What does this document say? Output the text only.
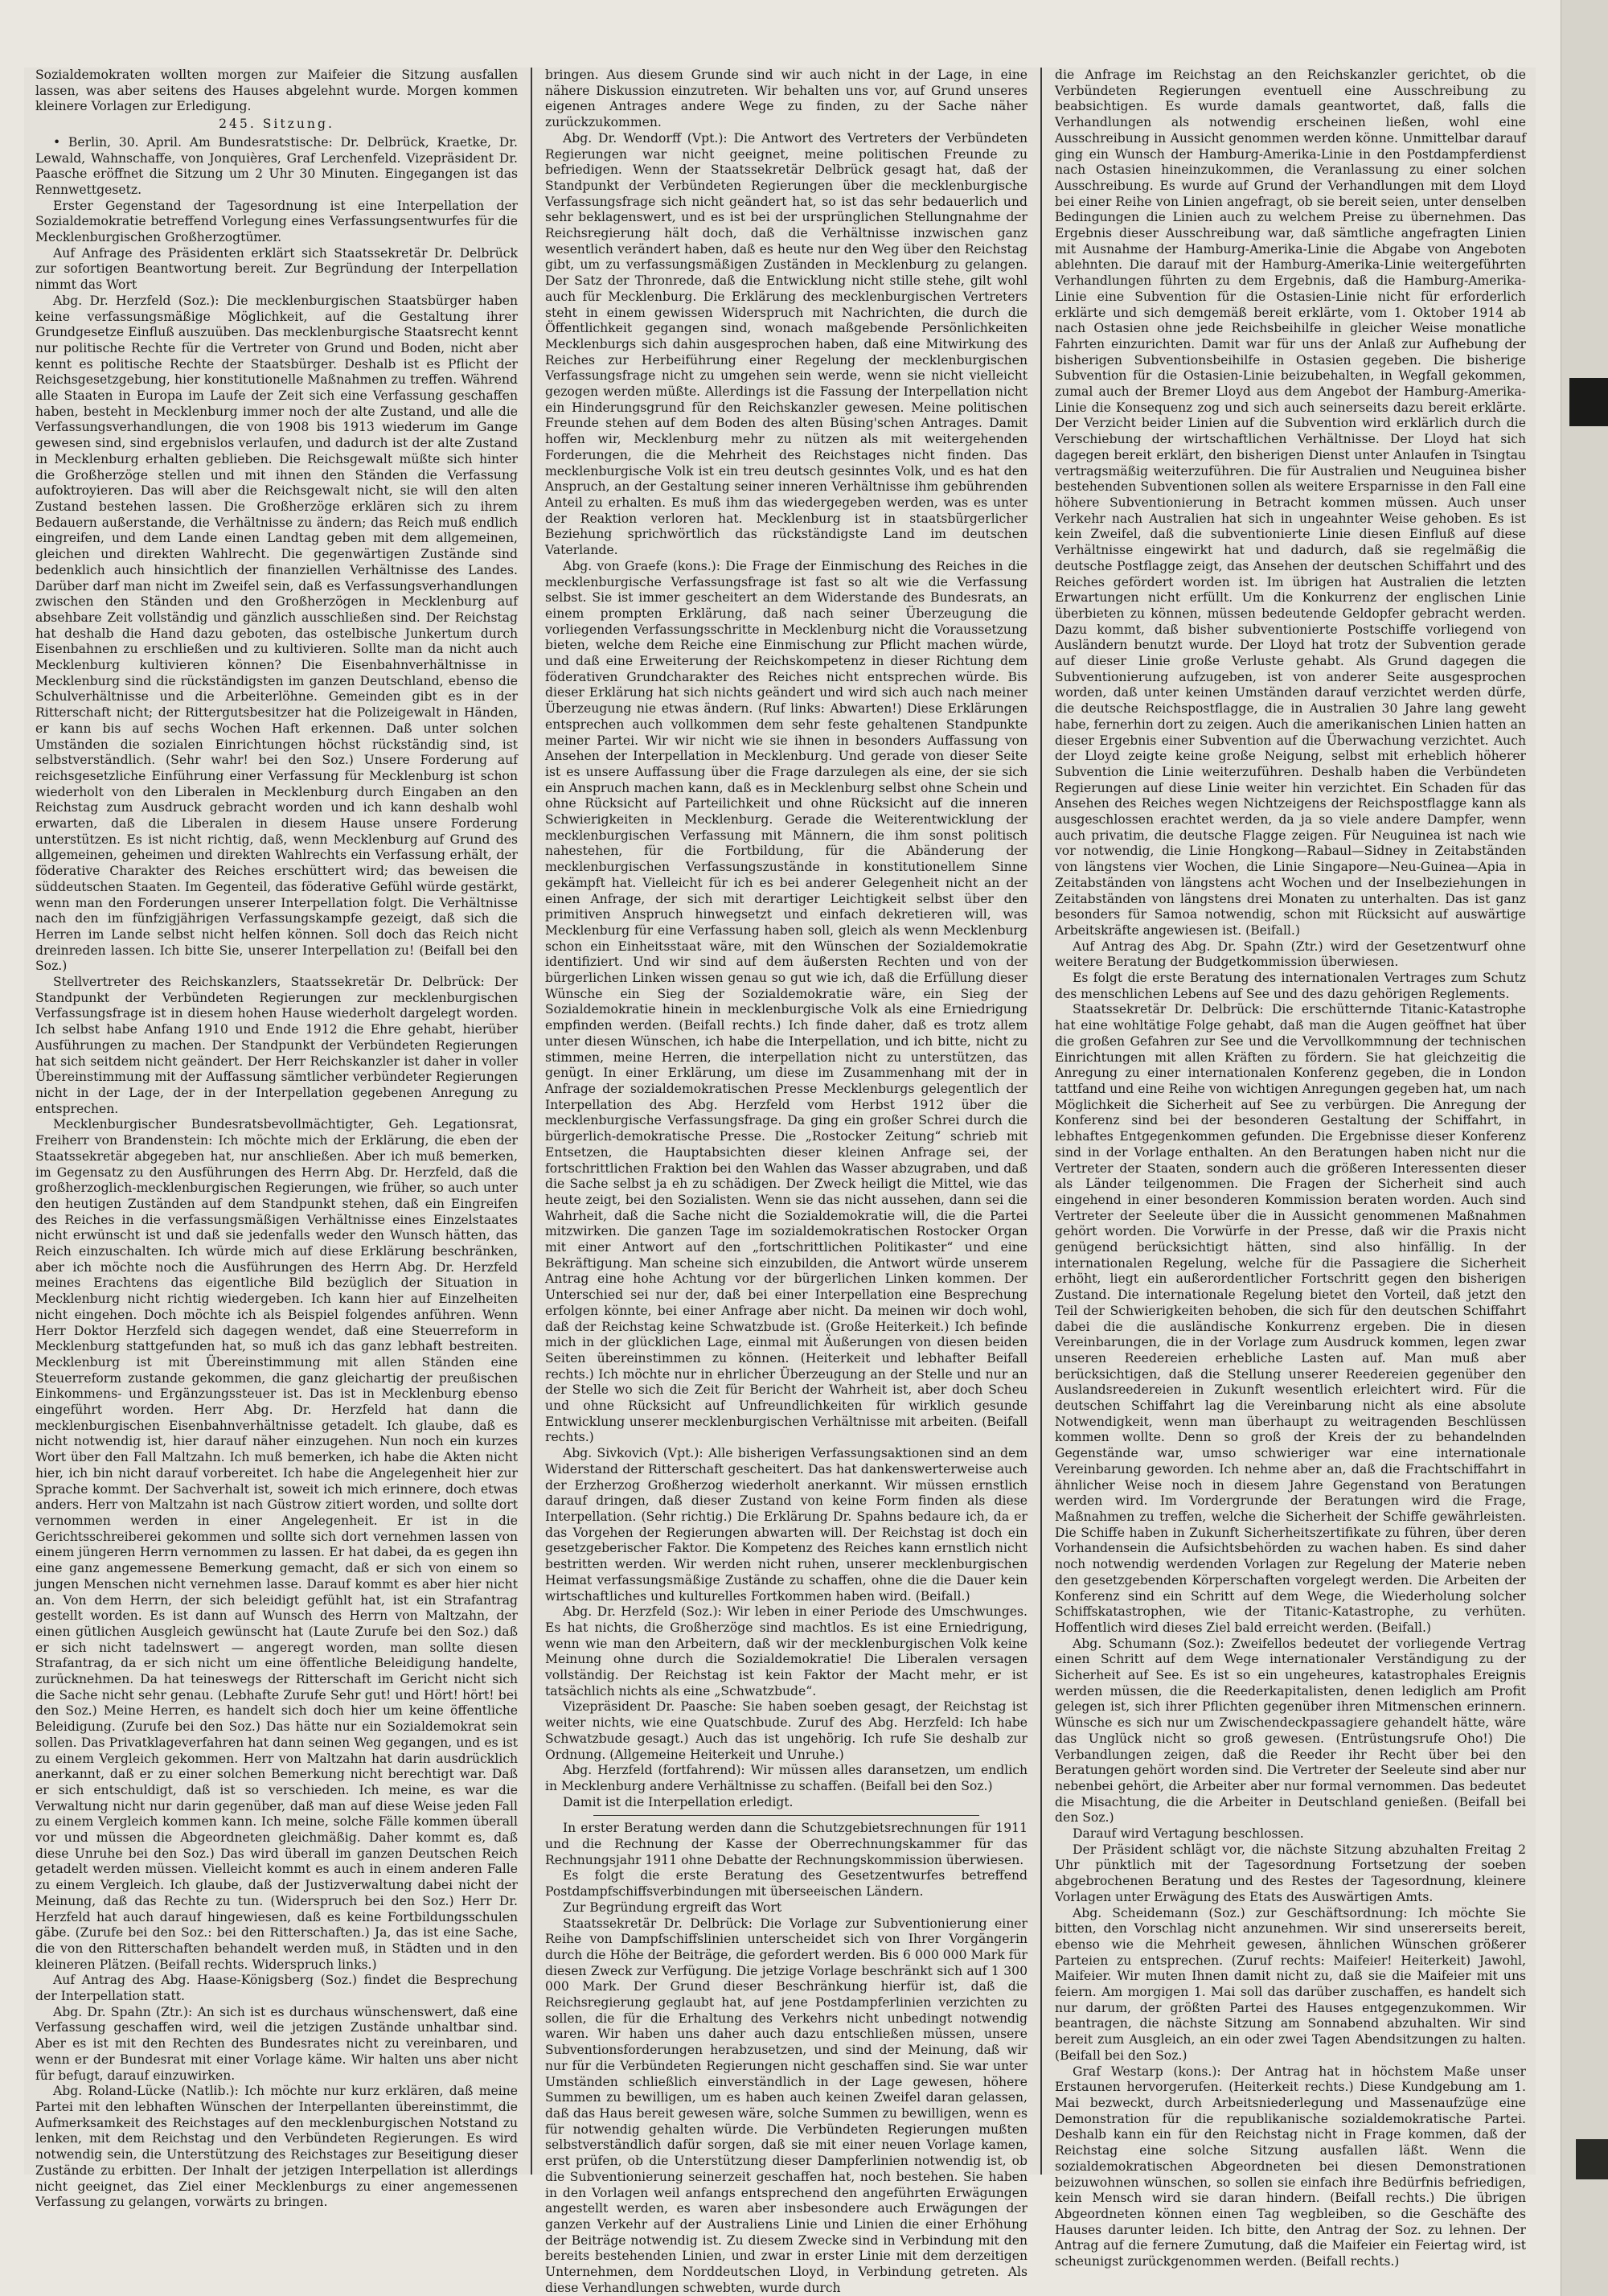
Sozialdemokraten wollten morgen zur Maifeier die Sitzung ausfallen lassen, was aber seitens des Hauses abgelehnt wurde. Morgen kommen kleinere Vorlagen zur Erledigung.

245. Sitzung.

• Berlin, 30. April. Am Bundesratstische: Dr. Delbrück, Kraetke, Dr. Lewald, Wahnschaffe, von Jonquières, Graf Lerchenfeld. Vizepräsident Dr. Paasche eröffnet die Sitzung um 2 Uhr 30 Minuten. Eingegangen ist das Rennwettgesetz.

Erster Gegenstand der Tagesordnung ist eine Interpellation der Sozialdemokratie betreffend Vorlegung eines Verfassungsentwurfes für die Mecklenburgischen Großherzogtümer.

Auf Anfrage des Präsidenten erklärt sich Staatssekretär Dr. Delbrück zur sofortigen Beantwortung bereit. Zur Begründung der Interpellation nimmt das Wort

Abg. Dr. Herzfeld (Soz.): Die mecklenburgischen Staatsbürger haben keine verfassungsmäßige Möglichkeit, auf die Gestaltung ihrer Grundgesetze Einfluß auszuüben. Das mecklenburgische Staatsrecht kennt nur politische Rechte für die Vertreter von Grund und Boden, nicht aber kennt es politische Rechte der Staatsbürger. Deshalb ist es Pflicht der Reichsgesetzgebung, hier konstitutionelle Maßnahmen zu treffen. Während alle Staaten in Europa im Laufe der Zeit sich eine Verfassung geschaffen haben, besteht in Mecklenburg immer noch der alte Zustand, und alle die Verfassungsverhandlungen, die von 1908 bis 1913 wiederum im Gange gewesen sind, sind ergebnislos verlaufen, und dadurch ist der alte Zustand in Mecklenburg erhalten geblieben. Die Reichsgewalt müßte sich hinter die Großherzöge stellen und mit ihnen den Ständen die Verfassung aufoktroyieren. Das will aber die Reichsgewalt nicht, sie will den alten Zustand bestehen lassen. Die Großherzöge erklären sich zu ihrem Bedauern außerstande, die Verhältnisse zu ändern; das Reich muß endlich eingreifen, und dem Lande einen Landtag geben mit dem allgemeinen, gleichen und direkten Wahlrecht. Die gegenwärtigen Zustände sind bedenklich auch hinsichtlich der finanziellen Verhältnisse des Landes. Darüber darf man nicht im Zweifel sein, daß es Verfassungsverhandlungen zwischen den Ständen und den Großherzögen in Mecklenburg auf absehbare Zeit vollständig und gänzlich ausschließen sind. Der Reichstag hat deshalb die Hand dazu geboten, das ostelbische Junkertum durch Eisenbahnen zu erschließen und zu kultivieren. Sollte man da nicht auch Mecklenburg kultivieren können? Die Eisenbahnverhältnisse in Mecklenburg sind die rückständigsten im ganzen Deutschland, ebenso die Schulverhältnisse und die Arbeiterlöhne. Gemeinden gibt es in der Ritterschaft nicht; der Rittergutsbesitzer hat die Polizeigewalt in Händen, er kann bis auf sechs Wochen Haft erkennen. Daß unter solchen Umständen die sozialen Einrichtungen höchst rückständig sind, ist selbstverständlich. (Sehr wahr! bei den Soz.) Unsere Forderung auf reichsgesetzliche Einführung einer Verfassung für Mecklenburg ist schon wiederholt von den Liberalen in Mecklenburg durch Eingaben an den Reichstag zum Ausdruck gebracht worden und ich kann deshalb wohl erwarten, daß die Liberalen in diesem Hause unsere Forderung unterstützen. Es ist nicht richtig, daß, wenn Mecklenburg auf Grund des allgemeinen, geheimen und direkten Wahlrechts ein Verfassung erhält, der föderative Charakter des Reiches erschüttert wird; das beweisen die süddeutschen Staaten. Im Gegenteil, das föderative Gefühl würde gestärkt, wenn man den Forderungen unserer Interpellation folgt. Die Verhältnisse nach den im fünfzigjährigen Verfassungskampfe gezeigt, daß sich die Herren im Lande selbst nicht helfen können. Soll doch das Reich nicht dreinreden lassen. Ich bitte Sie, unserer Interpellation zu! (Beifall bei den Soz.)

Stellvertreter des Reichskanzlers, Staatssekretär Dr. Delbrück: Der Standpunkt der Verbündeten Regierungen zur mecklenburgischen Verfassungsfrage ist in diesem hohen Hause wiederholt dargelegt worden. Ich selbst habe Anfang 1910 und Ende 1912 die Ehre gehabt, hierüber Ausführungen zu machen. Der Standpunkt der Verbündeten Regierungen hat sich seitdem nicht geändert. Der Herr Reichskanzler ist daher in voller Übereinstimmung mit der Auffassung sämtlicher verbündeter Regierungen nicht in der Lage, der in der Interpellation gegebenen Anregung zu entsprechen.

Mecklenburgischer Bundesratsbevollmächtigter, Geh. Legationsrat, Freiherr von Brandenstein: Ich möchte mich der Erklärung, die eben der Staatssekretär abgegeben hat, nur anschließen. Aber ich muß bemerken, im Gegensatz zu den Ausführungen des Herrn Abg. Dr. Herzfeld, daß die großherzoglich-mecklenburgischen Regierungen, wie früher, so auch unter den heutigen Zuständen auf dem Standpunkt stehen, daß ein Eingreifen des Reiches in die verfassungsmäßigen Verhältnisse eines Einzelstaates nicht erwünscht ist und daß sie jedenfalls weder den Wunsch hätten, das Reich einzuschalten. Ich würde mich auf diese Erklärung beschränken, aber ich möchte noch die Ausführungen des Herrn Abg. Dr. Herzfeld meines Erachtens das eigentliche Bild bezüglich der Situation in Mecklenburg nicht richtig wiedergeben. Ich kann hier auf Einzelheiten nicht eingehen. Doch möchte ich als Beispiel folgendes anführen. Wenn Herr Doktor Herzfeld sich dagegen wendet, daß eine Steuerreform in Mecklenburg stattgefunden hat, so muß ich das ganz lebhaft bestreiten. Mecklenburg ist mit Übereinstimmung mit allen Ständen eine Steuerreform zustande gekommen, die ganz gleichartig der preußischen Einkommens- und Ergänzungssteuer ist. Das ist in Mecklenburg ebenso eingeführt worden. Herr Abg. Dr. Herzfeld hat dann die mecklenburgischen Eisenbahnverhältnisse getadelt. Ich glaube, daß es nicht notwendig ist, hier darauf näher einzugehen. Nun noch ein kurzes Wort über den Fall Maltzahn. Ich muß bemerken, ich habe die Akten nicht hier, ich bin nicht darauf vorbereitet. Ich habe die Angelegenheit hier zur Sprache kommt. Der Sachverhalt ist, soweit ich mich erinnere, doch etwas anders. Herr von Maltzahn ist nach Güstrow zitiert worden, und sollte dort vernommen werden in einer Angelegenheit. Er ist in die Gerichtsschreiberei gekommen und sollte sich dort vernehmen lassen von einem jüngeren Herrn vernommen zu lassen. Er hat dabei, da es gegen ihn eine ganz angemessene Bemerkung gemacht, daß er sich von einem so jungen Menschen nicht vernehmen lasse. Darauf kommt es aber hier nicht an. Von dem Herrn, der sich beleidigt gefühlt hat, ist ein Strafantrag gestellt worden. Es ist dann auf Wunsch des Herrn von Maltzahn, der einen gütlichen Ausgleich gewünscht hat (Laute Zurufe bei den Soz.) daß er sich nicht tadelnswert — angeregt worden, man sollte diesen Strafantrag, da er sich nicht um eine öffentliche Beleidigung handelte, zurücknehmen. Da hat teineswegs der Ritterschaft im Gericht nicht sich die Sache nicht sehr genau. (Lebhafte Zurufe Sehr gut! und Hört! hört! bei den Soz.) Meine Herren, es handelt sich doch hier um keine öffentliche Beleidigung. (Zurufe bei den Soz.) Das hätte nur ein Sozialdemokrat sein sollen. Das Privatklageverfahren hat dann seinen Weg gegangen, und es ist zu einem Vergleich gekommen. Herr von Maltzahn hat darin ausdrücklich anerkannt, daß er zu einer solchen Bemerkung nicht berechtigt war. Daß er sich entschuldigt, daß ist so verschieden. Ich meine, es war die Verwaltung nicht nur darin gegenüber, daß man auf diese Weise jeden Fall zu einem Vergleich kommen kann. Ich meine, solche Fälle kommen überall vor und müssen die Abgeordneten gleichmäßig. Daher kommt es, daß diese Unruhe bei den Soz.) Das wird überall im ganzen Deutschen Reich getadelt werden müssen. Vielleicht kommt es auch in einem anderen Falle zu einem Vergleich. Ich glaube, daß der Justizverwaltung dabei nicht der Meinung, daß das Rechte zu tun. (Widerspruch bei den Soz.) Herr Dr. Herzfeld hat auch darauf hingewiesen, daß es keine Fortbildungsschulen gäbe. (Zurufe bei den Soz.: bei den Ritterschaften.) Ja, das ist eine Sache, die von den Ritterschaften behandelt werden muß, in Städten und in den kleineren Plätzen. (Beifall rechts. Widerspruch links.)

Auf Antrag des Abg. Haase-Königsberg (Soz.) findet die Besprechung der Interpellation statt.

Abg. Dr. Spahn (Ztr.): An sich ist es durchaus wünschenswert, daß eine Verfassung geschaffen wird, weil die jetzigen Zustände unhaltbar sind. Aber es ist mit den Rechten des Bundesrates nicht zu vereinbaren, und wenn er der Bundesrat mit einer Vorlage käme. Wir halten uns aber nicht für befugt, darauf einzuwirken.

Abg. Roland-Lücke (Natlib.): Ich möchte nur kurz erklären, daß meine Partei mit den lebhaften Wünschen der Interpellanten übereinstimmt, die Aufmerksamkeit des Reichstages auf den mecklenburgischen Notstand zu lenken, mit dem Reichstag und den Verbündeten Regierungen. Es wird notwendig sein, die Unterstützung des Reichstages zur Beseitigung dieser Zustände zu erbitten. Der Inhalt der jetzigen Interpellation ist allerdings nicht geeignet, das Ziel einer Mecklenburgs zu einer angemessenen Verfassung zu gelangen, vorwärts zu bringen.

bringen. Aus diesem Grunde sind wir auch nicht in der Lage, in eine nähere Diskussion einzutreten. Wir behalten uns vor, auf Grund unseres eigenen Antrages andere Wege zu finden, zu der Sache näher zurückzukommen.

Abg. Dr. Wendorff (Vpt.): Die Antwort des Vertreters der Verbündeten Regierungen war nicht geeignet, meine politischen Freunde zu befriedigen. Wenn der Staatssekretär Delbrück gesagt hat, daß der Standpunkt der Verbündeten Regierungen über die mecklenburgische Verfassungsfrage sich nicht geändert hat, so ist das sehr bedauerlich und sehr beklagenswert, und es ist bei der ursprünglichen Stellungnahme der Reichsregierung hält doch, daß die Verhältnisse inzwischen ganz wesentlich verändert haben, daß es heute nur den Weg über den Reichstag gibt, um zu verfassungsmäßigen Zuständen in Mecklenburg zu gelangen. Der Satz der Thronrede, daß die Entwicklung nicht stille stehe, gilt wohl auch für Mecklenburg. Die Erklärung des mecklenburgischen Vertreters steht in einem gewissen Widerspruch mit Nachrichten, die durch die Öffentlichkeit gegangen sind, wonach maßgebende Persönlichkeiten Mecklenburgs sich dahin ausgesprochen haben, daß eine Mitwirkung des Reiches zur Herbeiführung einer Regelung der mecklenburgischen Verfassungsfrage nicht zu umgehen sein werde, wenn sie nicht vielleicht gezogen werden müßte. Allerdings ist die Fassung der Interpellation nicht ein Hinderungsgrund für den Reichskanzler gewesen. Meine politischen Freunde stehen auf dem Boden des alten Büsing'schen Antrages. Damit hoffen wir, Mecklenburg mehr zu nützen als mit weitergehenden Forderungen, die die Mehrheit des Reichstages nicht finden. Das mecklenburgische Volk ist ein treu deutsch gesinntes Volk, und es hat den Anspruch, an der Gestaltung seiner inneren Verhältnisse ihm gebührenden Anteil zu erhalten. Es muß ihm das wiedergegeben werden, was es unter der Reaktion verloren hat. Mecklenburg ist in staatsbürgerlicher Beziehung sprichwörtlich das rückständigste Land im deutschen Vaterlande.

Abg. von Graefe (kons.): Die Frage der Einmischung des Reiches in die mecklenburgische Verfassungsfrage ist fast so alt wie die Verfassung selbst. Sie ist immer gescheitert an dem Widerstande des Bundesrats, an einem prompten Erklärung, daß nach seiner Überzeugung die vorliegenden Verfassungsschritte in Mecklenburg nicht die Voraussetzung bieten, welche dem Reiche eine Einmischung zur Pflicht machen würde, und daß eine Erweiterung der Reichskompetenz in dieser Richtung dem föderativen Grundcharakter des Reiches nicht entsprechen würde. Bis dieser Erklärung hat sich nichts geändert und wird sich auch nach meiner Überzeugung nie etwas ändern. (Ruf links: Abwarten!) Diese Erklärungen entsprechen auch vollkommen dem sehr feste gehaltenen Standpunkte meiner Partei. Wir wir nicht wie sie ihnen in besonders Auffassung von Ansehen der Interpellation in Mecklenburg. Und gerade von dieser Seite ist es unsere Auffassung über die Frage darzulegen als eine, der sie sich ein Anspruch machen kann, daß es in Mecklenburg selbst ohne Schein und ohne Rücksicht auf Parteilichkeit und ohne Rücksicht auf die inneren Schwierigkeiten in Mecklenburg. Gerade die Weiterentwicklung der mecklenburgischen Verfassung mit Männern, die ihm sonst politisch nahestehen, für die Fortbildung, für die Abänderung der mecklenburgischen Verfassungszustände in konstitutionellem Sinne gekämpft hat. Vielleicht für ich es bei anderer Gelegenheit nicht an der einen Anfrage, der sich mit derartiger Leichtigkeit selbst über den primitiven Anspruch hinwegsetzt und einfach dekretieren will, was Mecklenburg für eine Verfassung haben soll, gleich als wenn Mecklenburg schon ein Einheitsstaat wäre, mit den Wünschen der Sozialdemokratie identifiziert. Und wir sind auf dem äußersten Rechten und von der bürgerlichen Linken wissen genau so gut wie ich, daß die Erfüllung dieser Wünsche ein Sieg der Sozialdemokratie wäre, ein Sieg der Sozialdemokratie hinein in mecklenburgische Volk als eine Erniedrigung empfinden werden. (Beifall rechts.) Ich finde daher, daß es trotz allem unter diesen Wünschen, ich habe die Interpellation, und ich bitte, nicht zu stimmen, meine Herren, die interpellation nicht zu unterstützen, das genügt. In einer Erklärung, um diese im Zusammenhang mit der in Anfrage der sozialdemokratischen Presse Mecklenburgs gelegentlich der Interpellation des Abg. Herzfeld vom Herbst 1912 über die mecklenburgische Verfassungsfrage. Da ging ein großer Schrei durch die bürgerlich-demokratische Presse. Die „Rostocker Zeitung“ schrieb mit Entsetzen, die Hauptabsichten dieser kleinen Anfrage sei, der fortschrittlichen Fraktion bei den Wahlen das Wasser abzugraben, und daß die Sache selbst ja eh zu schädigen. Der Zweck heiligt die Mittel, wie das heute zeigt, bei den Sozialisten. Wenn sie das nicht aussehen, dann sei die Wahrheit, daß die Sache nicht die Sozialdemokratie will, die die Partei mitzwirken. Die ganzen Tage im sozialdemokratischen Rostocker Organ mit einer Antwort auf den „fortschrittlichen Politikaster“ und eine Bekräftigung. Man scheine sich einzubilden, die Antwort würde unserem Antrag eine hohe Achtung vor der bürgerlichen Linken kommen. Der Unterschied sei nur der, daß bei einer Interpellation eine Besprechung erfolgen könnte, bei einer Anfrage aber nicht. Da meinen wir doch wohl, daß der Reichstag keine Schwatzbude ist. (Große Heiterkeit.) Ich befinde mich in der glücklichen Lage, einmal mit Äußerungen von diesen beiden Seiten übereinstimmen zu können. (Heiterkeit und lebhafter Beifall rechts.) Ich möchte nur in ehrlicher Überzeugung an der Stelle und nur an der Stelle wo sich die Zeit für Bericht der Wahrheit ist, aber doch Scheu und ohne Rücksicht auf Unfreundlichkeiten für wirklich gesunde Entwicklung unserer mecklenburgischen Verhältnisse mit arbeiten. (Beifall rechts.)

Abg. Sivkovich (Vpt.): Alle bisherigen Verfassungsaktionen sind an dem Widerstand der Ritterschaft gescheitert. Das hat dankenswerterweise auch der Erzherzog Großherzog wiederholt anerkannt. Wir müssen ernstlich darauf dringen, daß dieser Zustand von keine Form finden als diese Interpellation. (Sehr richtig.) Die Erklärung Dr. Spahns bedaure ich, da er das Vorgehen der Regierungen abwarten will. Der Reichstag ist doch ein gesetzgeberischer Faktor. Die Kompetenz des Reiches kann ernstlich nicht bestritten werden. Wir werden nicht ruhen, unserer mecklenburgischen Heimat verfassungsmäßige Zustände zu schaffen, ohne die die Dauer kein wirtschaftliches und kulturelles Fortkommen haben wird. (Beifall.)

Abg. Dr. Herzfeld (Soz.): Wir leben in einer Periode des Umschwunges. Es hat nichts, die Großherzöge sind machtlos. Es ist eine Erniedrigung, wenn wie man den Arbeitern, daß wir der mecklenburgischen Volk keine Meinung ohne durch die Sozialdemokratie! Die Liberalen versagen vollständig. Der Reichstag ist kein Faktor der Macht mehr, er ist tatsächlich nichts als eine „Schwatzbude“.

Vizepräsident Dr. Paasche: Sie haben soeben gesagt, der Reichstag ist weiter nichts, wie eine Quatschbude. Zuruf des Abg. Herzfeld: Ich habe Schwatzbude gesagt.) Auch das ist ungehörig. Ich rufe Sie deshalb zur Ordnung. (Allgemeine Heiterkeit und Unruhe.)

Abg. Herzfeld (fortfahrend): Wir müssen alles daransetzen, um endlich in Mecklenburg andere Verhältnisse zu schaffen. (Beifall bei den Soz.)

Damit ist die Interpellation erledigt.

In erster Beratung werden dann die Schutzgebietsrechnungen für 1911 und die Rechnung der Kasse der Oberrechnungskammer für das Rechnungsjahr 1911 ohne Debatte der Rechnungskommission überwiesen.

Es folgt die erste Beratung des Gesetzentwurfes betreffend Postdampfschiffsverbindungen mit überseeischen Ländern.

Zur Begründung ergreift das Wort

Staatssekretär Dr. Delbrück: Die Vorlage zur Subventionierung einer Reihe von Dampfschiffslinien unterscheidet sich von Ihrer Vorgängerin durch die Höhe der Beiträge, die gefordert werden. Bis 6 000 000 Mark für diesen Zweck zur Verfügung. Die jetzige Vorlage beschränkt sich auf 1 300 000 Mark. Der Grund dieser Beschränkung hierfür ist, daß die Reichsregierung geglaubt hat, auf jene Postdampferlinien verzichten zu sollen, die für die Erhaltung des Verkehrs nicht unbedingt notwendig waren. Wir haben uns daher auch dazu entschließen müssen, unsere Subventionsforderungen herabzusetzen, und sind der Meinung, daß wir nur für die Verbündeten Regierungen nicht geschaffen sind. Sie war unter Umständen schließlich einverständlich in der Lage gewesen, höhere Summen zu bewilligen, um es haben auch keinen Zweifel daran gelassen, daß das Haus bereit gewesen wäre, solche Summen zu bewilligen, wenn es für notwendig gehalten würde. Die Verbündeten Regierungen mußten selbstverständlich dafür sorgen, daß sie mit einer neuen Vorlage kamen, erst prüfen, ob die Unterstützung dieser Dampferlinien notwendig ist, ob die Subventionierung seinerzeit geschaffen hat, noch bestehen. Sie haben in den Vorlagen weil anfangs entsprechend den angeführten Erwägungen angestellt werden, es waren aber insbesondere auch Erwägungen der ganzen Verkehr auf der Australiens Linie und Linien die einer Erhöhung der Beiträge notwendig ist. Zu diesem Zwecke sind in Verbindung mit den bereits bestehenden Linien, und zwar in erster Linie mit dem derzeitigen Unternehmen, dem Norddeutschen Lloyd, in Verbindung getreten. Als diese Verhandlungen schwebten, wurde durch

die Anfrage im Reichstag an den Reichskanzler gerichtet, ob die Verbündeten Regierungen eventuell eine Ausschreibung zu beabsichtigen. Es wurde damals geantwortet, daß, falls die Verhandlungen als notwendig erscheinen ließen, wohl eine Ausschreibung in Aussicht genommen werden könne. Unmittelbar darauf ging ein Wunsch der Hamburg-Amerika-Linie in den Postdampferdienst nach Ostasien hineinzukommen, die Veranlassung zu einer solchen Ausschreibung. Es wurde auf Grund der Verhandlungen mit dem Lloyd bei einer Reihe von Linien angefragt, ob sie bereit seien, unter denselben Bedingungen die Linien auch zu welchem Preise zu übernehmen. Das Ergebnis dieser Ausschreibung war, daß sämtliche angefragten Linien mit Ausnahme der Hamburg-Amerika-Linie die Abgabe von Angeboten ablehnten. Die darauf mit der Hamburg-Amerika-Linie weitergeführten Verhandlungen führten zu dem Ergebnis, daß die Hamburg-Amerika-Linie eine Subvention für die Ostasien-Linie nicht für erforderlich erklärte und sich demgemäß bereit erklärte, vom 1. Oktober 1914 ab nach Ostasien ohne jede Reichsbeihilfe in gleicher Weise monatliche Fahrten einzurichten. Damit war für uns der Anlaß zur Aufhebung der bisherigen Subventionsbeihilfe in Ostasien gegeben. Die bisherige Subvention für die Ostasien-Linie beizubehalten, in Wegfall gekommen, zumal auch der Bremer Lloyd aus dem Angebot der Hamburg-Amerika-Linie die Konsequenz zog und sich auch seinerseits dazu bereit erklärte. Der Verzicht beider Linien auf die Subvention wird erklärlich durch die Verschiebung der wirtschaftlichen Verhältnisse. Der Lloyd hat sich dagegen bereit erklärt, den bisherigen Dienst unter Anlaufen in Tsingtau vertragsmäßig weiterzuführen. Die für Australien und Neuguinea bisher bestehenden Subventionen sollen als weitere Ersparnisse in den Fall eine höhere Subventionierung in Betracht kommen müssen. Auch unser Verkehr nach Australien hat sich in ungeahnter Weise gehoben. Es ist kein Zweifel, daß die subventionierte Linie diesen Einfluß auf diese Verhältnisse eingewirkt hat und dadurch, daß sie regelmäßig die deutsche Postflagge zeigt, das Ansehen der deutschen Schiffahrt und des Reiches gefördert worden ist. Im übrigen hat Australien die letzten Erwartungen nicht erfüllt. Um die Konkurrenz der englischen Linie überbieten zu können, müssen bedeutende Geldopfer gebracht werden. Dazu kommt, daß bisher subventionierte Postschiffe vorliegend von Ausländern benutzt wurde. Der Lloyd hat trotz der Subvention gerade auf dieser Linie große Verluste gehabt. Als Grund dagegen die Subventionierung aufzugeben, ist von anderer Seite ausgesprochen worden, daß unter keinen Umständen darauf verzichtet werden dürfe, die deutsche Reichspostflagge, die in Australien 30 Jahre lang geweht habe, fernerhin dort zu zeigen. Auch die amerikanischen Linien hatten an dieser Ergebnis einer Subvention auf die Überwachung verzichtet. Auch der Lloyd zeigte keine große Neigung, selbst mit erheblich höherer Subvention die Linie weiterzuführen. Deshalb haben die Verbündeten Regierungen auf diese Linie weiter hin verzichtet. Ein Schaden für das Ansehen des Reiches wegen Nichtzeigens der Reichspostflagge kann als ausgeschlossen erachtet werden, da ja so viele andere Dampfer, wenn auch privatim, die deutsche Flagge zeigen. Für Neuguinea ist nach wie vor notwendig, die Linie Hongkong—Rabaul—Sidney in Zeitabständen von längstens vier Wochen, die Linie Singapore—Neu-Guinea—Apia in Zeitabständen von längstens acht Wochen und der Inselbeziehungen in Zeitabständen von längstens drei Monaten zu unterhalten. Das ist ganz besonders für Samoa notwendig, schon mit Rücksicht auf auswärtige Arbeitskräfte angewiesen ist. (Beifall.)

Auf Antrag des Abg. Dr. Spahn (Ztr.) wird der Gesetzentwurf ohne weitere Beratung der Budgetkommission überwiesen.

Es folgt die erste Beratung des internationalen Vertrages zum Schutz des menschlichen Lebens auf See und des dazu gehörigen Reglements.

Staatssekretär Dr. Delbrück: Die erschütternde Titanic-Katastrophe hat eine wohltätige Folge gehabt, daß man die Augen geöffnet hat über die großen Gefahren zur See und die Vervollkommnung der technischen Einrichtungen mit allen Kräften zu fördern. Sie hat gleichzeitig die Anregung zu einer internationalen Konferenz gegeben, die in London tattfand und eine Reihe von wichtigen Anregungen gegeben hat, um nach Möglichkeit die Sicherheit auf See zu verbürgen. Die Anregung der Konferenz sind bei der besonderen Gestaltung der Schiffahrt, in lebhaftes Entgegenkommen gefunden. Die Ergebnisse dieser Konferenz sind in der Vorlage enthalten. An den Beratungen haben nicht nur die Vertreter der Staaten, sondern auch die größeren Interessenten dieser als Länder teilgenommen. Die Fragen der Sicherheit sind auch eingehend in einer besonderen Kommission beraten worden. Auch sind Vertreter der Seeleute über die in Aussicht genommenen Maßnahmen gehört worden. Die Vorwürfe in der Presse, daß wir die Praxis nicht genügend berücksichtigt hätten, sind also hinfällig. In der internationalen Regelung, welche für die Passagiere die Sicherheit erhöht, liegt ein außerordentlicher Fortschritt gegen den bisherigen Zustand. Die internationale Regelung bietet den Vorteil, daß jetzt den Teil der Schwierigkeiten behoben, die sich für den deutschen Schiffahrt dabei die die ausländische Konkurrenz ergeben. Die in diesen Vereinbarungen, die in der Vorlage zum Ausdruck kommen, legen zwar unseren Reedereien erhebliche Lasten auf. Man muß aber berücksichtigen, daß die Stellung unserer Reedereien gegenüber den Auslandsreedereien in Zukunft wesentlich erleichtert wird. Für die deutschen Schiffahrt lag die Vereinbarung nicht als eine absolute Notwendigkeit, wenn man überhaupt zu weitragenden Beschlüssen kommen wollte. Denn so groß der Kreis der zu behandelnden Gegenstände war, umso schwieriger war eine internationale Vereinbarung geworden. Ich nehme aber an, daß die Frachtschiffahrt in ähnlicher Weise noch in diesem Jahre Gegenstand von Beratungen werden wird. Im Vordergrunde der Beratungen wird die Frage, Maßnahmen zu treffen, welche die Sicherheit der Schiffe gewährleisten. Die Schiffe haben in Zukunft Sicherheitszertifikate zu führen, über deren Vorhandensein die Aufsichtsbehörden zu wachen haben. Es sind daher noch notwendig werdenden Vorlagen zur Regelung der Materie neben den gesetzgebenden Körperschaften vorgelegt werden. Die Arbeiten der Konferenz sind ein Schritt auf dem Wege, die Wiederholung solcher Schiffskatastrophen, wie der Titanic-Katastrophe, zu verhüten. Hoffentlich wird dieses Ziel bald erreicht werden. (Beifall.)

Abg. Schumann (Soz.): Zweifellos bedeutet der vorliegende Vertrag einen Schritt auf dem Wege internationaler Verständigung zu der Sicherheit auf See. Es ist so ein ungeheures, katastrophales Ereignis werden müssen, die die Reederkapitalisten, denen lediglich am Profit gelegen ist, sich ihrer Pflichten gegenüber ihren Mitmenschen erinnern. Wünsche es sich nur um Zwischendeckpassagiere gehandelt hätte, wäre das Unglück nicht so groß gewesen. (Entrüstungsrufe Oho!) Die Verbandlungen zeigen, daß die Reeder ihr Recht über bei den Beratungen gehört worden sind. Die Vertreter der Seeleute sind aber nur nebenbei gehört, die Arbeiter aber nur formal vernommen. Das bedeutet die Misachtung, die die Arbeiter in Deutschland genießen. (Beifall bei den Soz.)

Darauf wird Vertagung beschlossen.

Der Präsident schlägt vor, die nächste Sitzung abzuhalten Freitag 2 Uhr pünktlich mit der Tagesordnung Fortsetzung der soeben abgebrochenen Beratung und des Restes der Tagesordnung, kleinere Vorlagen unter Erwägung des Etats des Auswärtigen Amts.

Abg. Scheidemann (Soz.) zur Geschäftsordnung: Ich möchte Sie bitten, den Vorschlag nicht anzunehmen. Wir sind unsererseits bereit, ebenso wie die Mehrheit gewesen, ähnlichen Wünschen größerer Parteien zu entsprechen. (Zuruf rechts: Maifeier! Heiterkeit) Jawohl, Maifeier. Wir muten Ihnen damit nicht zu, daß sie die Maifeier mit uns feiern. Am morgigen 1. Mai soll das darüber zuschaffen, es handelt sich nur darum, der größten Partei des Hauses entgegenzukommen. Wir beantragen, die nächste Sitzung am Sonnabend abzuhalten. Wir sind bereit zum Ausgleich, an ein oder zwei Tagen Abendsitzungen zu halten. (Beifall bei den Soz.)

Graf Westarp (kons.): Der Antrag hat in höchstem Maße unser Erstaunen hervorgerufen. (Heiterkeit rechts.) Diese Kundgebung am 1. Mai bezweckt, durch Arbeitsniederlegung und Massenaufzüge eine Demonstration für die republikanische sozialdemokratische Partei. Deshalb kann ein für den Reichstag nicht in Frage kommen, daß der Reichstag eine solche Sitzung ausfallen läßt. Wenn die sozialdemokratischen Abgeordneten bei diesen Demonstrationen beizuwohnen wünschen, so sollen sie einfach ihre Bedürfnis befriedigen, kein Mensch wird sie daran hindern. (Beifall rechts.) Die übrigen Abgeordneten können einen Tag wegbleiben, so die Geschäfte des Hauses darunter leiden. Ich bitte, den Antrag der Soz. zu lehnen. Der Antrag auf die fernere Zumutung, daß die Maifeier ein Feiertag wird, ist scheunigst zurückgenommen werden. (Beifall rechts.)
